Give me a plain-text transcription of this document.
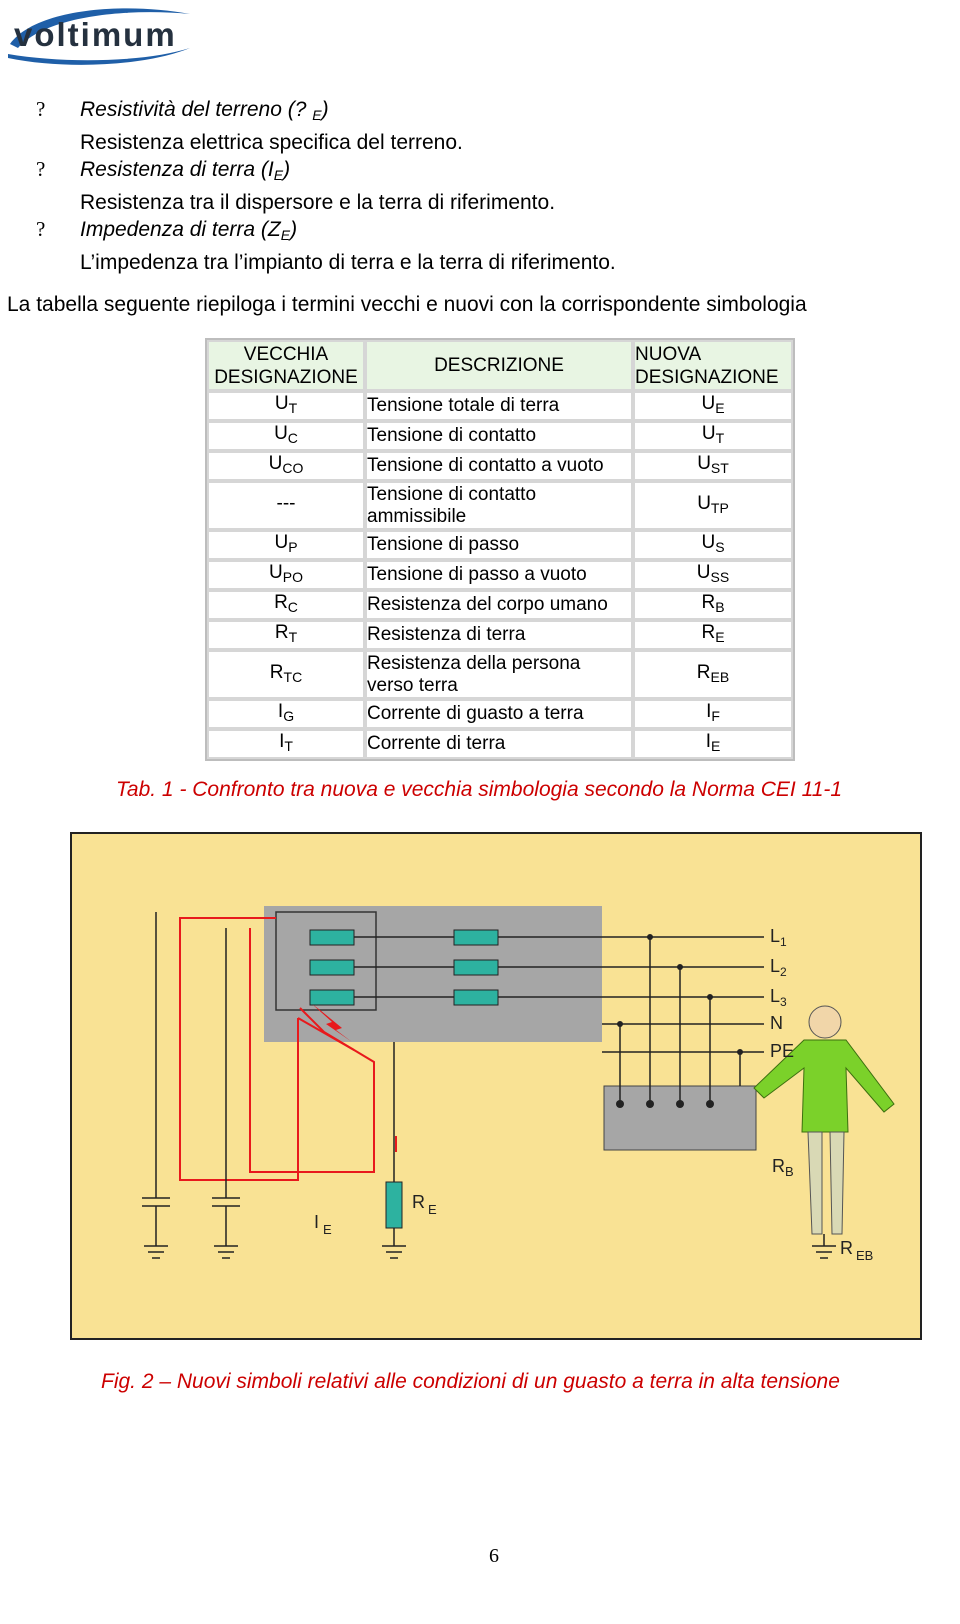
voltimum
?	Resistività del terreno (? $_E$)
Resistenza elettrica specifica del terreno.
?	Resistenza di terra $(I_E)$
Resistenza tra il dispersore e la terra di riferimento.
?	Impedenza di terra $(Z_E)$
L’impedenza tra l’impianto di terra e la terra di riferimento.
La tabella seguente riepiloga i termini vecchi e nuovi con la corrispondente simbologia
VECCHIA DESIGNAZIONE	DESCRIZIONE	NUOVA DESIGNAZIONE
$U_T$	Tensione totale di terra	$U_E$
$U_C$	Tensione di contatto	$U_T$
$U_{CO}$	Tensione di contatto a vuoto	$U_{ST}$
---	Tensione di contatto ammissibile	$U_{TP}$
$U_P$	Tensione di passo	$U_S$
$U_{PO}$	Tensione di passo a vuoto	$U_{SS}$
$R_C$	Resistenza del corpo umano	$R_B$
$R_T$	Resistenza di terra	$R_E$
$R_{TC}$	Resistenza della persona verso terra	$R_{EB}$
$I_G$	Corrente di guasto a terra	$I_F$
$I_T$	Corrente di terra	$I_E$
Tab. 1 - Confronto tra nuova e vecchia simbologia secondo la Norma CEI 11-1
$L_1$
$L_2$
$L_3$
N
PE
I $_E$
R $_E$
$R_B$
R $_{EB}$
Fig. 2 – Nuovi simboli relativi alle condizioni di un guasto a terra in alta tensione
6
